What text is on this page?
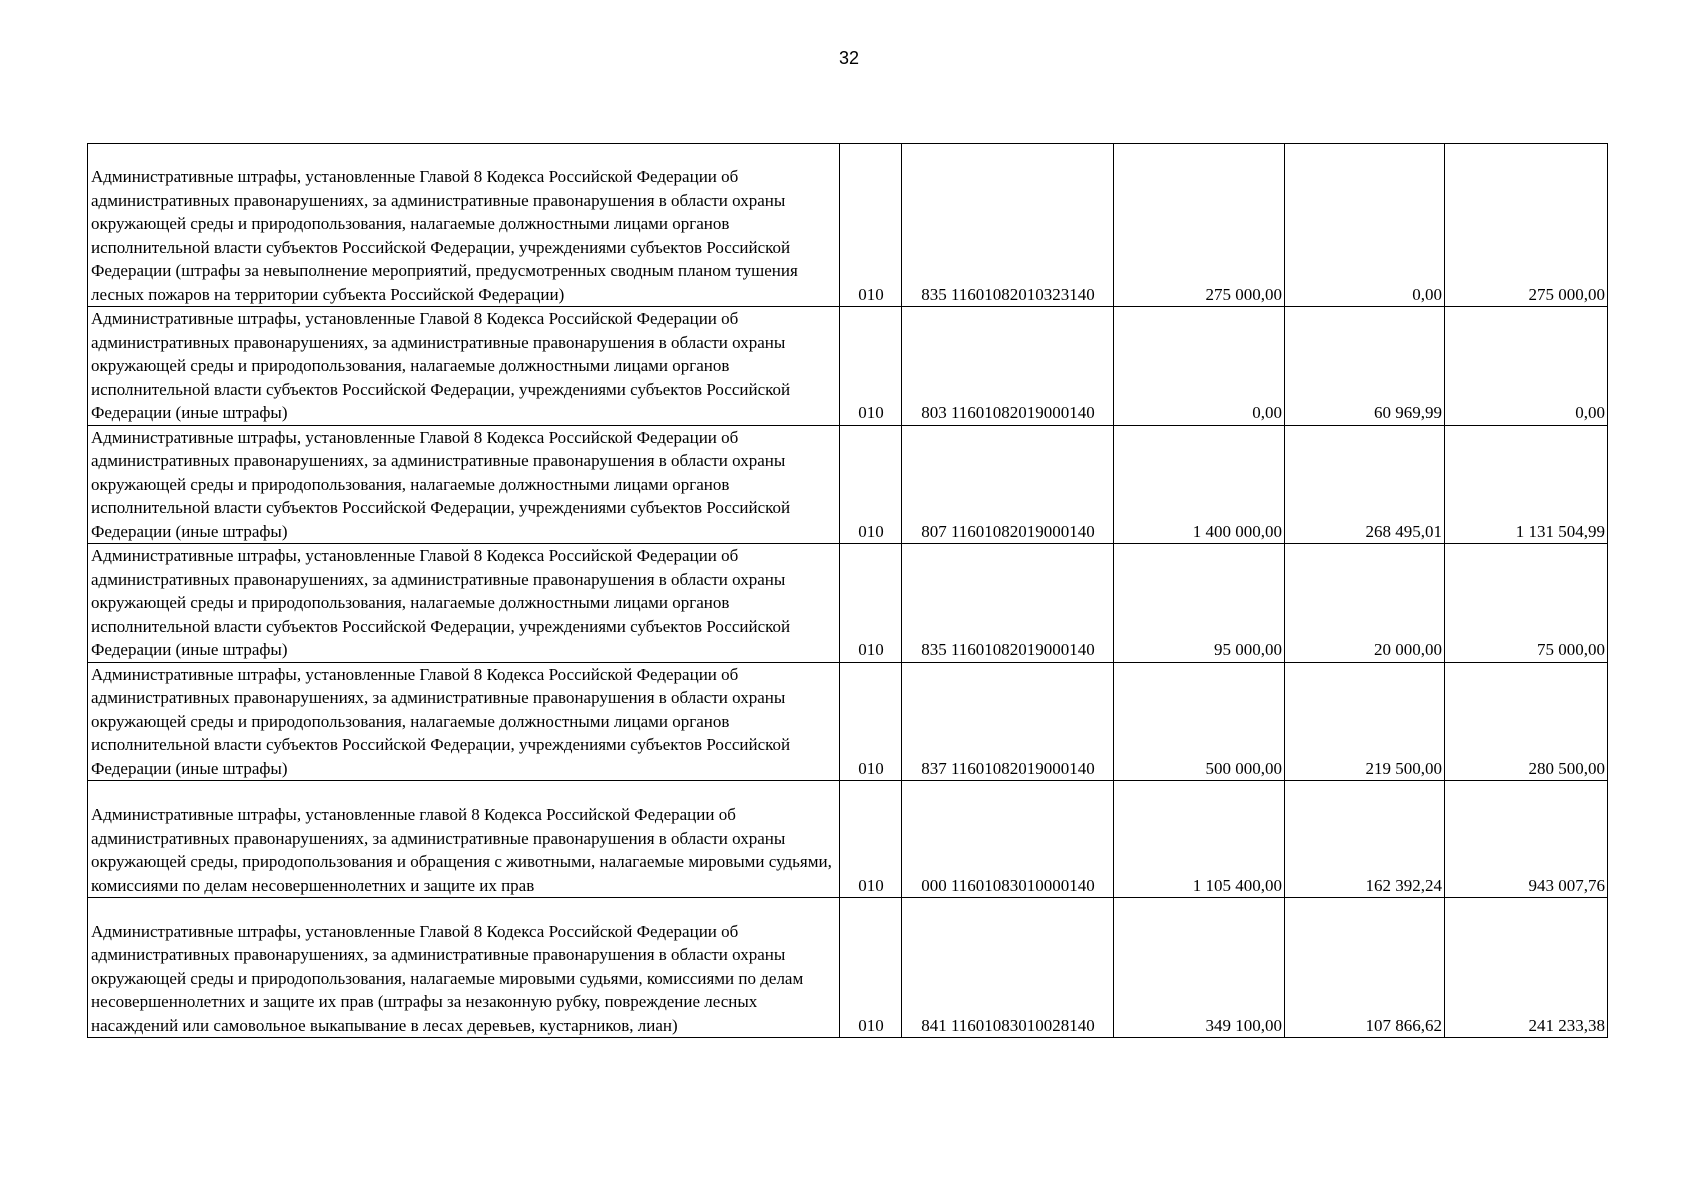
32
Административные штрафы, установленные Главой 8 Кодекса Российской Федерации об административных правонарушениях, за административные правонарушения в области охраны окружающей среды и природопользования, налагаемые должностными лицами органов исполнительной власти субъектов Российской Федерации, учреждениями субъектов Российской Федерации (штрафы за невыполнение мероприятий, предусмотренных сводным планом тушения лесных пожаров на территории субъекта Российской Федерации)	010	835 11601082010323140	275 000,00	0,00	275 000,00
Административные штрафы, установленные Главой 8 Кодекса Российской Федерации об административных правонарушениях, за административные правонарушения в области охраны окружающей среды и природопользования, налагаемые должностными лицами органов исполнительной власти субъектов Российской Федерации, учреждениями субъектов Российской Федерации (иные штрафы)	010	803 11601082019000140	0,00	60 969,99	0,00
Административные штрафы, установленные Главой 8 Кодекса Российской Федерации об административных правонарушениях, за административные правонарушения в области охраны окружающей среды и природопользования, налагаемые должностными лицами органов исполнительной власти субъектов Российской Федерации, учреждениями субъектов Российской Федерации (иные штрафы)	010	807 11601082019000140	1 400 000,00	268 495,01	1 131 504,99
Административные штрафы, установленные Главой 8 Кодекса Российской Федерации об административных правонарушениях, за административные правонарушения в области охраны окружающей среды и природопользования, налагаемые должностными лицами органов исполнительной власти субъектов Российской Федерации, учреждениями субъектов Российской Федерации (иные штрафы)	010	835 11601082019000140	95 000,00	20 000,00	75 000,00
Административные штрафы, установленные Главой 8 Кодекса Российской Федерации об административных правонарушениях, за административные правонарушения в области охраны окружающей среды и природопользования, налагаемые должностными лицами органов исполнительной власти субъектов Российской Федерации, учреждениями субъектов Российской Федерации (иные штрафы)	010	837 11601082019000140	500 000,00	219 500,00	280 500,00
Административные штрафы, установленные главой 8 Кодекса Российской Федерации об административных правонарушениях, за административные правонарушения в области охраны окружающей среды, природопользования и обращения с животными, налагаемые мировыми судьями, комиссиями по делам несовершеннолетних и защите их прав	010	000 11601083010000140	1 105 400,00	162 392,24	943 007,76
Административные штрафы, установленные Главой 8 Кодекса Российской Федерации об административных правонарушениях, за административные правонарушения в области охраны окружающей среды и природопользования, налагаемые мировыми судьями, комиссиями по делам несовершеннолетних и защите их прав (штрафы за незаконную рубку, повреждение лесных насаждений или самовольное выкапывание в лесах деревьев, кустарников, лиан)	010	841 11601083010028140	349 100,00	107 866,62	241 233,38
